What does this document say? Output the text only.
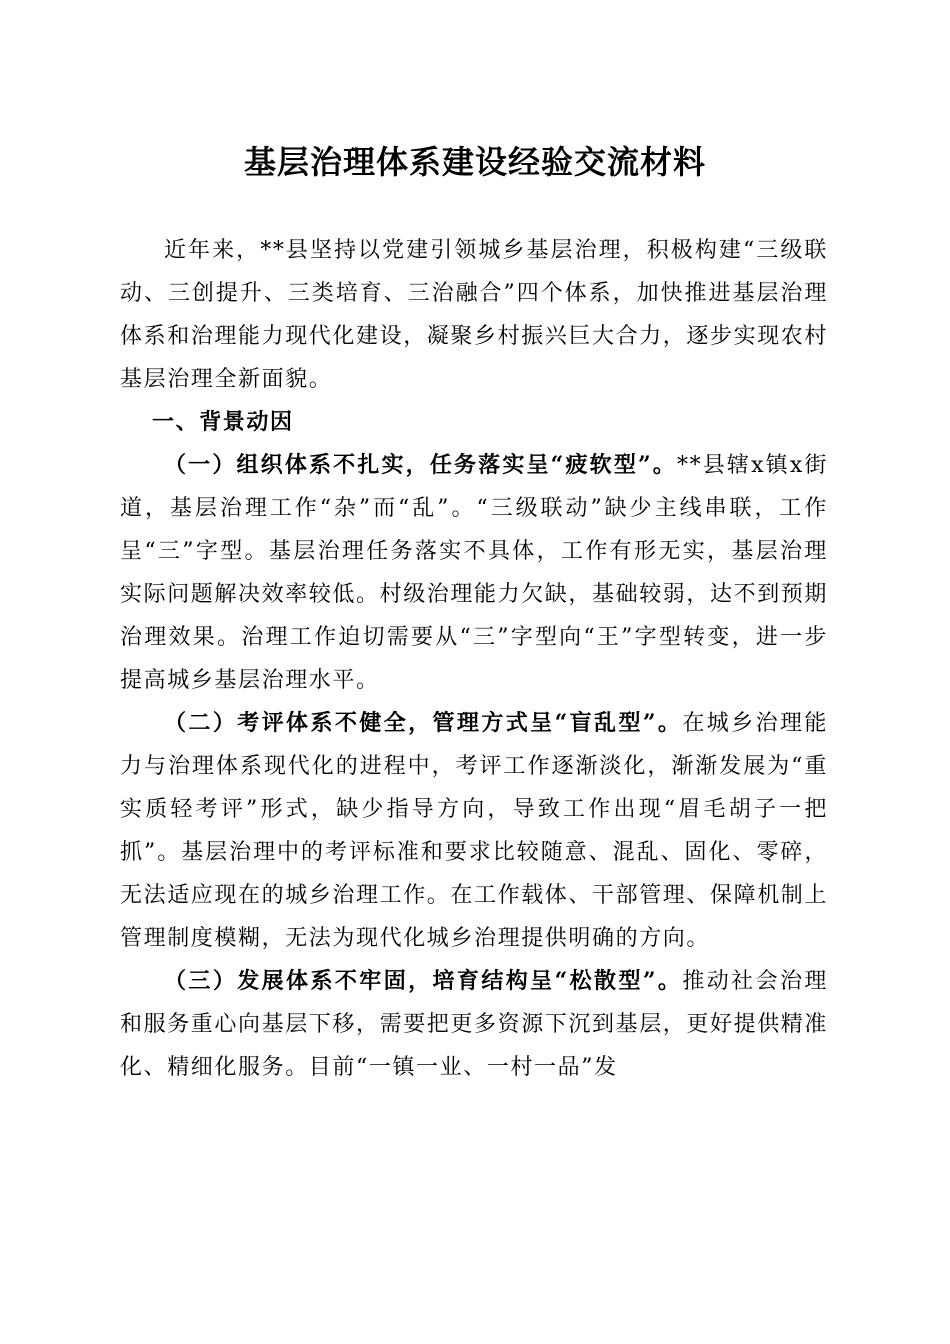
基层治理体系建设经验交流材料

近年来，**县坚持以党建引领城乡基层治理，积极构建“三级联动、三创提升、三类培育、三治融合”四个体系，加快推进基层治理体系和治理能力现代化建设，凝聚乡村振兴巨大合力，逐步实现农村基层治理全新面貌。

一、背景动因

（一）组织体系不扎实，任务落实呈“疲软型”。**县辖x镇x街道，基层治理工作“杂”而“乱”。“三级联动”缺少主线串联，工作呈“三”字型。基层治理任务落实不具体，工作有形无实，基层治理实际问题解决效率较低。村级治理能力欠缺，基础较弱，达不到预期治理效果。治理工作迫切需要从“三”字型向“王”字型转变，进一步提高城乡基层治理水平。

（二）考评体系不健全，管理方式呈“盲乱型”。在城乡治理能力与治理体系现代化的进程中，考评工作逐渐淡化，渐渐发展为“重实质轻考评”形式，缺少指导方向，导致工作出现“眉毛胡子一把抓”。基层治理中的考评标准和要求比较随意、混乱、固化、零碎，无法适应现在的城乡治理工作。在工作载体、干部管理、保障机制上管理制度模糊，无法为现代化城乡治理提供明确的方向。

（三）发展体系不牢固，培育结构呈“松散型”。推动社会治理和服务重心向基层下移，需要把更多资源下沉到基层，更好提供精准化、精细化服务。目前“一镇一业、一村一品”发
